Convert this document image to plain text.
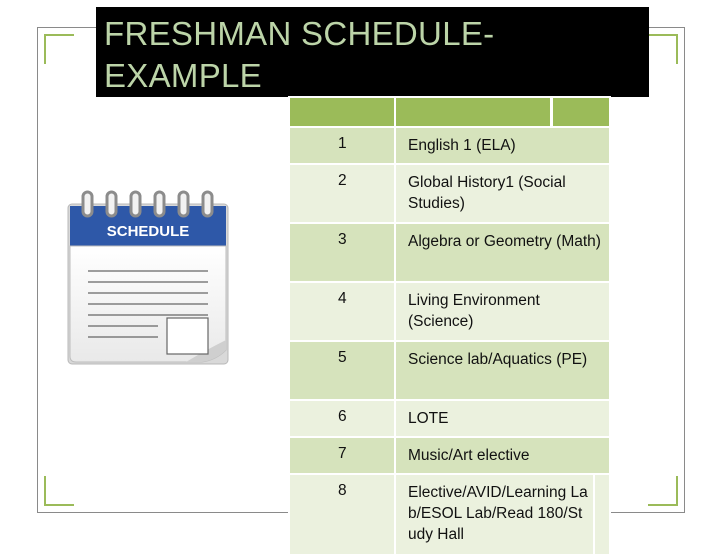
FRESHMAN SCHEDULE-
EXAMPLE
SCHEDULE

1	English 1 (ELA)
2	Global History1 (Social Studies)
3	Algebra or Geometry (Math)
4	Living Environment (Science)
5	Science lab/Aquatics (PE)
6	LOTE
7	Music/Art elective
8	Elective/AVID/Learning Lab/ESOL Lab/Read 180/Study Hall
